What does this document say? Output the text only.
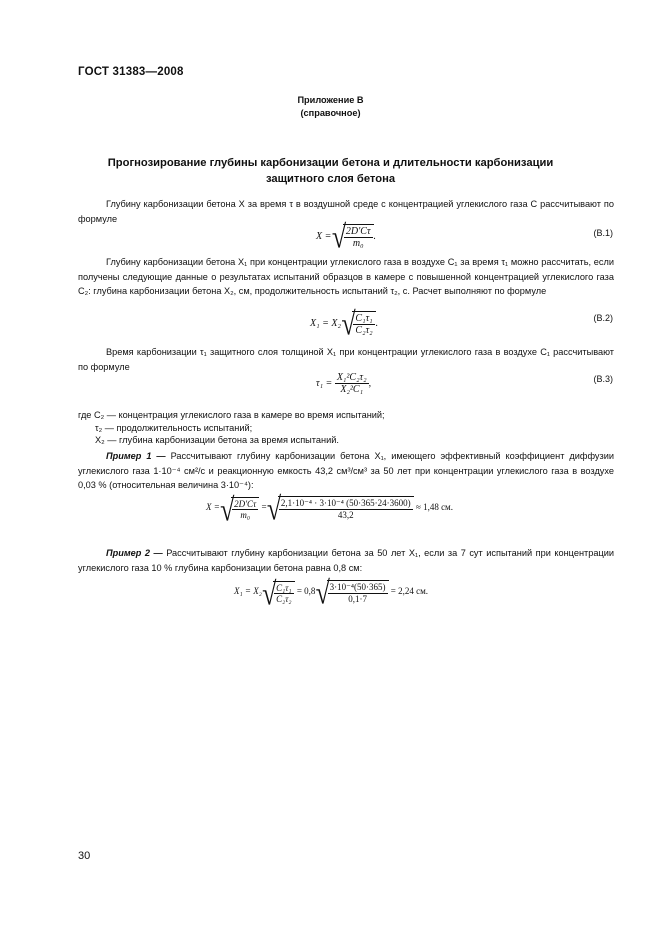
ГОСТ 31383—2008
Приложение В
(справочное)
Прогнозирование глубины карбонизации бетона и длительности карбонизации
защитного слоя бетона
Глубину карбонизации бетона X за время τ в воздушной среде с концентрацией углекислого газа C рассчитывают по формуле
X = √ $\frac{2D'C\tau}{\text{m₀}}$ .	(В.1)
Глубину карбонизации бетона X₁ при концентрации углекислого газа в воздухе C₁ за время τ₁ можно рассчитать, если получены следующие данные о результатах испытаний образцов в камере с повышенной концентрацией углекислого газа C₂: глубина карбонизации бетона X₂, см, продолжительность испытаний τ₂, с. Расчет выполняют по формуле
X₁ = X₂ √ $\frac{\text{C₁τ₁}}{\text{C₂τ₂}}$ .	(В.2)
Время карбонизации τ₁ защитного слоя толщиной X₁ при концентрации углекислого газа в воздухе C₁ рассчитывают по формуле
$\tau_1 = \frac{\text{X₁²C₂τ₂}}{\text{X₂²C₁}}$ ,	(В.3)
где C₂ — концентрация углекислого газа в камере во время испытаний;
τ₂ — продолжительность испытаний;
X₂ — глубина карбонизации бетона за время испытаний.
Пример 1 — Рассчитывают глубину карбонизации бетона X₁, имеющего эффективный коэффициент диффузии углекислого газа 1·10⁻⁴ см²/с и реакционную емкость 43,2 см³/см³ за 50 лет при концентрации углекислого газа в воздухе 0,03 % (относительная величина 3·10⁻⁴):
X = √ $\frac{2D'C\tau}{\text{m₀}}$ = √ $\frac{\text{2,1·10⁻⁴ · 3·10⁻⁴ (50·365·24·3600)}}{43,2} \approx 1,48$ см.
Пример 2 — Рассчитывают глубину карбонизации бетона за 50 лет X₁, если за 7 сут испытаний при концентрации углекислого газа 10 % глубина карбонизации бетона равна 0,8 см:
X₁ = X₂ √ $\frac{\text{C₁τ₁}}{\text{C₂τ₂}} = 0,8$ √ $\frac{\text{3·10⁻⁴(50·365)}}{0,1\cdot 7} = 2,24$ см.
30
